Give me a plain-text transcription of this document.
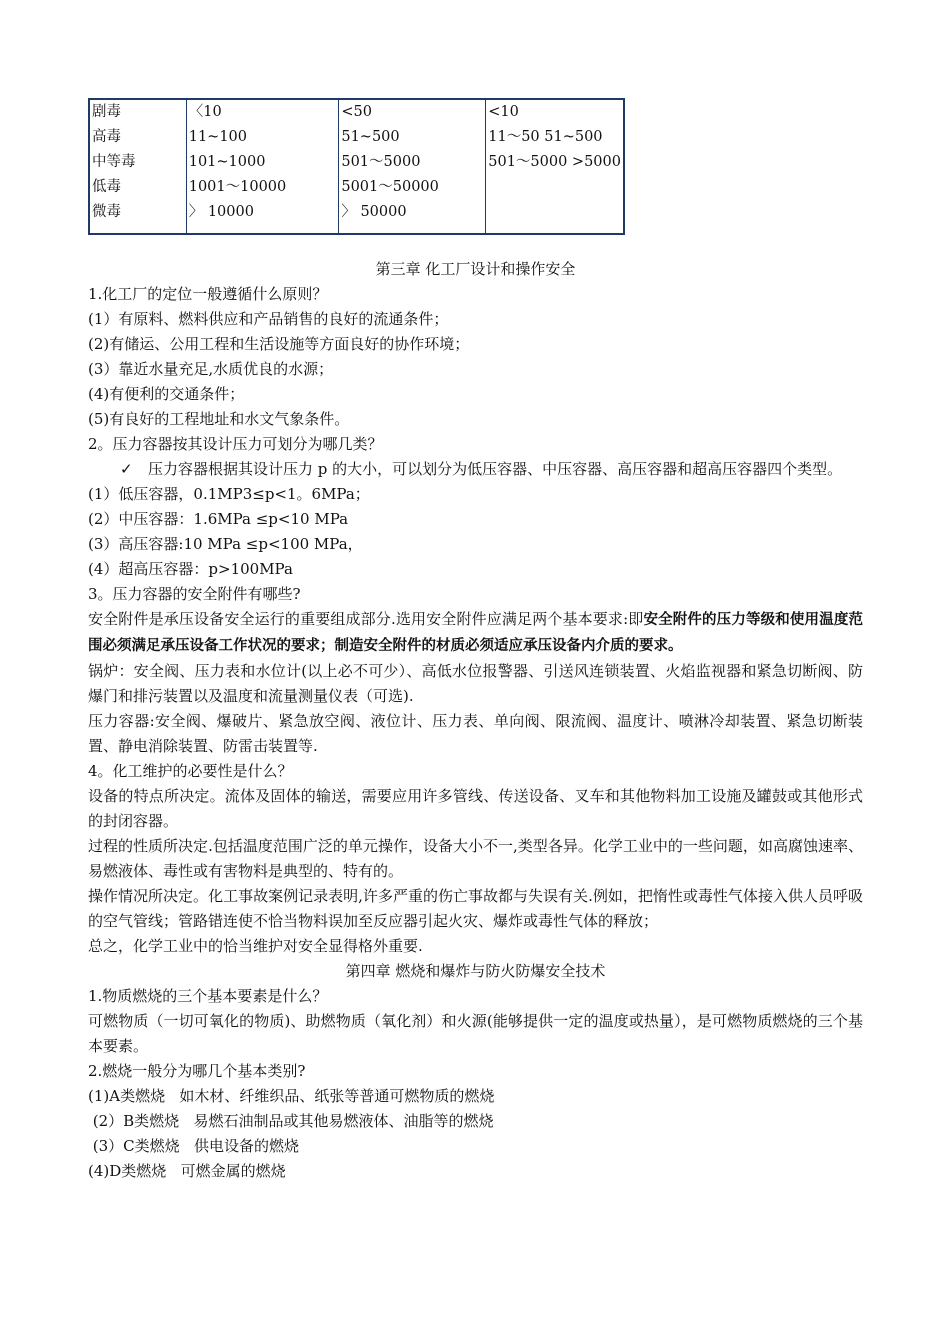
剧毒	〈10	<50	<10
高毒	11~100	51~500	11～50 51~500
中等毒	101~1000	501～5000	501～5000 >5000
低毒	1001～10000	5001～50000	
微毒	〉 10000	〉 50000	

第三章 化工厂设计和操作安全

1.化工厂的定位一般遵循什么原则？

(1）有原料、燃料供应和产品销售的良好的流通条件；

(2)有储运、公用工程和生活设施等方面良好的协作环境；

(3）靠近水量充足,水质优良的水源；

(4)有便利的交通条件；

(5)有良好的工程地址和水文气象条件。

2。压力容器按其设计压力可划分为哪几类？

✓ 压力容器根据其设计压力 p 的大小，可以划分为低压容器、中压容器、高压容器和超高压容器四个类型。

(1）低压容器，0.1MP3≤p<1。6MPa；

(2）中压容器：1.6MPa ≤p<10 MPa

(3）高压容器:10 MPa ≤p<100 MPa，

(4）超高压容器：p>100MPa

3。压力容器的安全附件有哪些?

安全附件是承压设备安全运行的重要组成部分.选用安全附件应满足两个基本要求:即安全附件的压力等级和使用温度范围必须满足承压设备工作状况的要求；制造安全附件的材质必须适应承压设备内介质的要求。

锅炉：安全阀、压力表和水位计(以上必不可少）、高低水位报警器、引送风连锁装置、火焰监视器和紧急切断阀、防爆门和排污装置以及温度和流量测量仪表（可选).

压力容器:安全阀、爆破片、紧急放空阀、液位计、压力表、单向阀、限流阀、温度计、喷淋冷却装置、紧急切断装置、静电消除装置、防雷击装置等.

4。化工维护的必要性是什么？

设备的特点所决定。流体及固体的输送，需要应用许多管线、传送设备、叉车和其他物料加工设施及罐鼓或其他形式的封闭容器。

过程的性质所决定.包括温度范围广泛的单元操作，设备大小不一,类型各异。化学工业中的一些问题，如高腐蚀速率、易燃液体、毒性或有害物料是典型的、特有的。

操作情况所决定。化工事故案例记录表明,许多严重的伤亡事故都与失误有关.例如，把惰性或毒性气体接入供人员呼吸的空气管线；管路错连使不恰当物料误加至反应器引起火灾、爆炸或毒性气体的释放；

总之，化学工业中的恰当维护对安全显得格外重要.

第四章 燃烧和爆炸与防火防爆安全技术

1.物质燃烧的三个基本要素是什么？

可燃物质（一切可氧化的物质)、助燃物质（氧化剂）和火源(能够提供一定的温度或热量），是可燃物质燃烧的三个基本要素。

2.燃烧一般分为哪几个基本类别?

(1)A类燃烧   如木材、纤维织品、纸张等普通可燃物质的燃烧

(2）B类燃烧   易燃石油制品或其他易燃液体、油脂等的燃烧

(3）C类燃烧   供电设备的燃烧

(4)D类燃烧   可燃金属的燃烧
